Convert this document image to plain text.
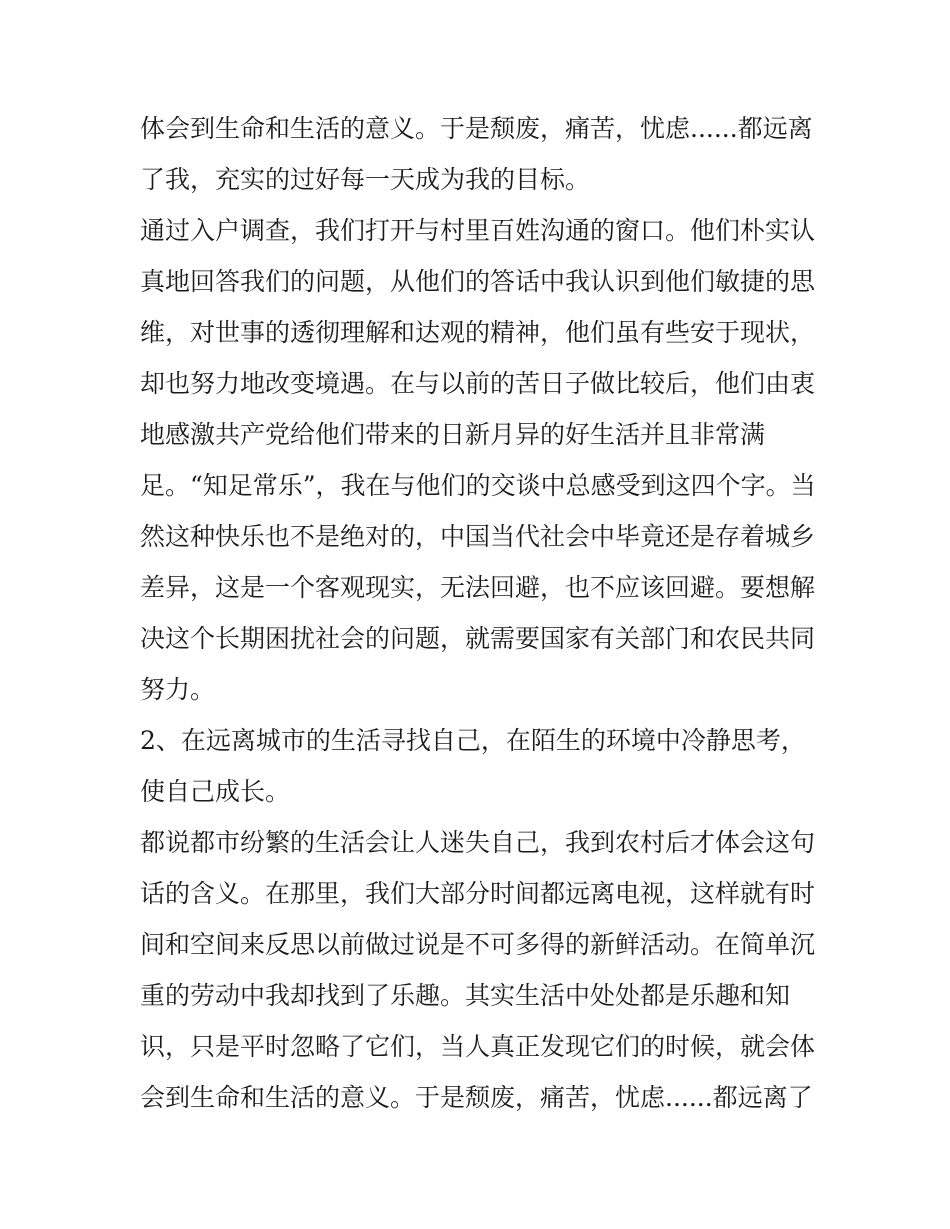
体会到生命和生活的意义。于是颓废，痛苦，忧虑......都远离
了我，充实的过好每一天成为我的目标。
通过入户调查，我们打开与村里百姓沟通的窗口。他们朴实认
真地回答我们的问题，从他们的答话中我认识到他们敏捷的思
维，对世事的透彻理解和达观的精神，他们虽有些安于现状，
却也努力地改变境遇。在与以前的苦日子做比较后，他们由衷
地感激共产党给他们带来的日新月异的好生活并且非常满
足。“知足常乐”，我在与他们的交谈中总感受到这四个字。当
然这种快乐也不是绝对的，中国当代社会中毕竟还是存着城乡
差异，这是一个客观现实，无法回避，也不应该回避。要想解
决这个长期困扰社会的问题，就需要国家有关部门和农民共同
努力。
2、在远离城市的生活寻找自己，在陌生的环境中冷静思考，
使自己成长。
都说都市纷繁的生活会让人迷失自己，我到农村后才体会这句
话的含义。在那里，我们大部分时间都远离电视，这样就有时
间和空间来反思以前做过说是不可多得的新鲜活动。在简单沉
重的劳动中我却找到了乐趣。其实生活中处处都是乐趣和知
识，只是平时忽略了它们，当人真正发现它们的时候，就会体
会到生命和生活的意义。于是颓废，痛苦，忧虑......都远离了
